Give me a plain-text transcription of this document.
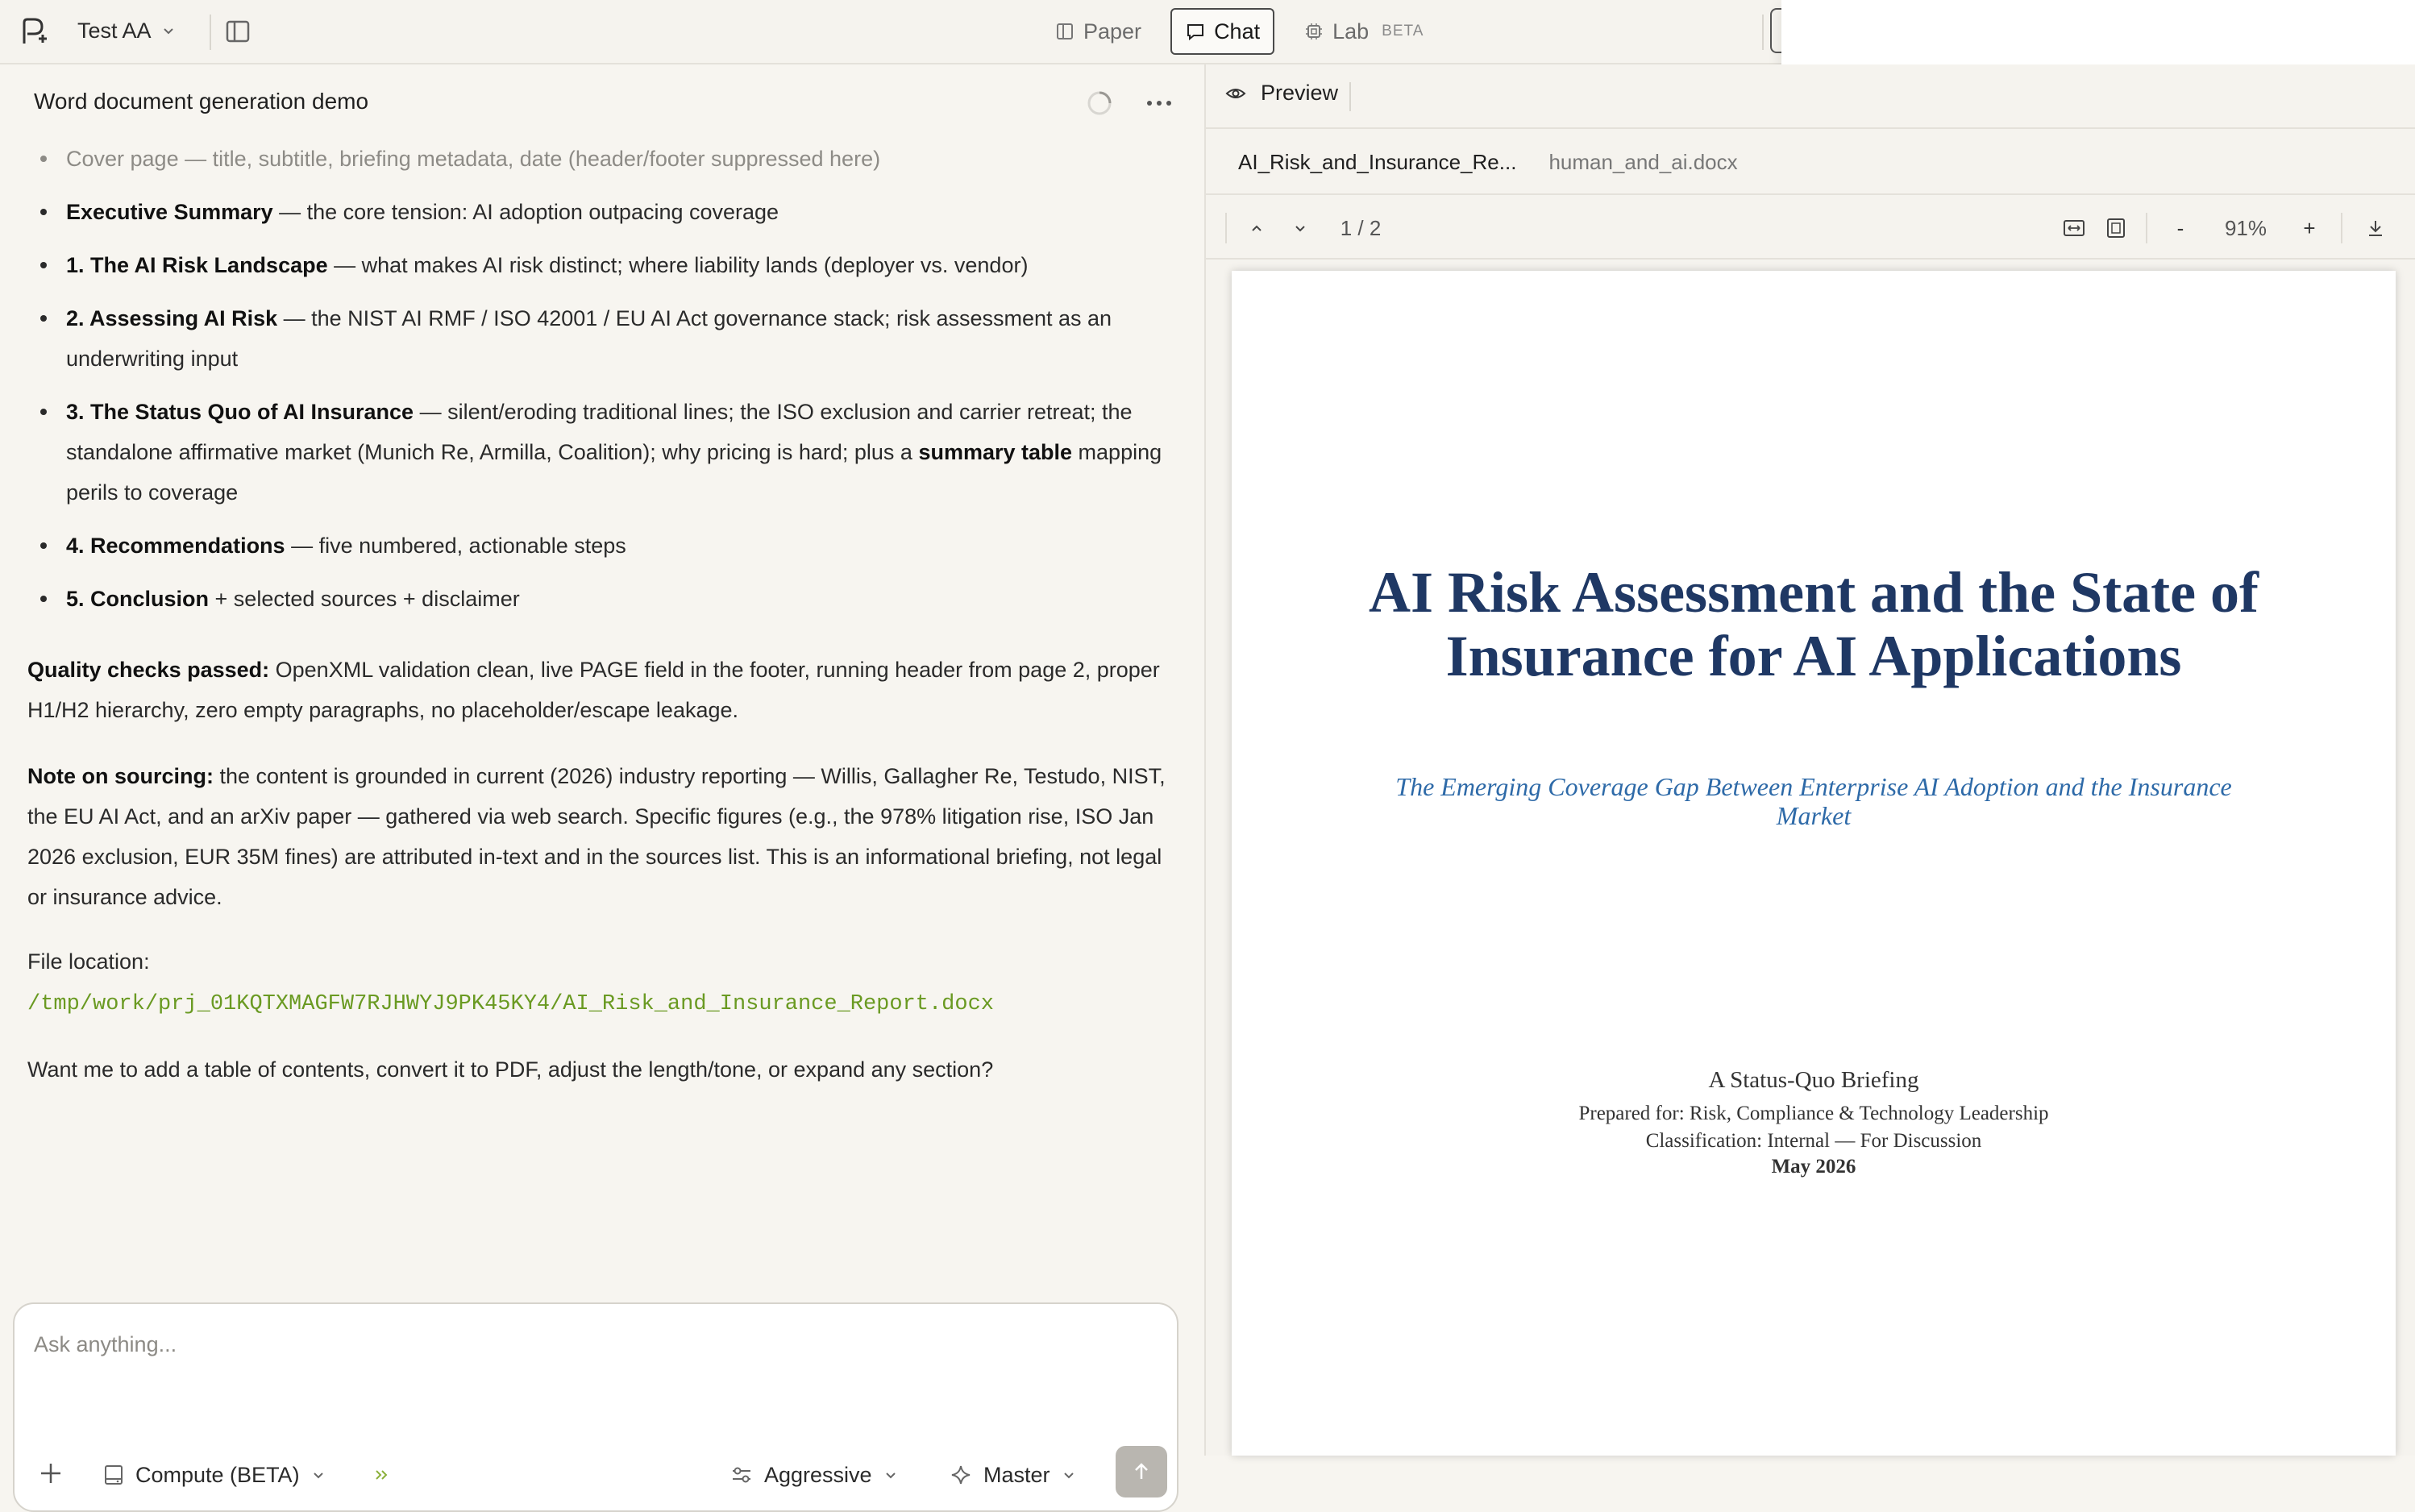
Test AA	Paper	Chat	Lab BETA
Word document generation demo
Cover page — title, subtitle, briefing metadata, date (header/footer suppressed here)
Executive Summary — the core tension: AI adoption outpacing coverage
1. The AI Risk Landscape — what makes AI risk distinct; where liability lands (deployer vs. vendor)
2. Assessing AI Risk — the NIST AI RMF / ISO 42001 / EU AI Act governance stack; risk assessment as an underwriting input
3. The Status Quo of AI Insurance — silent/eroding traditional lines; the ISO exclusion and carrier retreat; the standalone affirmative market (Munich Re, Armilla, Coalition); why pricing is hard; plus a summary table mapping perils to coverage
4. Recommendations — five numbered, actionable steps
5. Conclusion + selected sources + disclaimer

Quality checks passed: OpenXML validation clean, live PAGE field in the footer, running header from page 2, proper H1/H2 hierarchy, zero empty paragraphs, no placeholder/escape leakage.

Note on sourcing: the content is grounded in current (2026) industry reporting — Willis, Gallagher Re, Testudo, NIST, the EU AI Act, and an arXiv paper — gathered via web search. Specific figures (e.g., the 978% litigation rise, ISO Jan 2026 exclusion, EUR 35M fines) are attributed in-text and in the sources list. This is an informational briefing, not legal or insurance advice.

File location:

/tmp/work/prj_01KQTXMAGFW7RJHWYJ9PK45KY4/AI_Risk_and_Insurance_Report.docx

Want me to add a table of contents, convert it to PDF, adjust the length/tone, or expand any section?

Ask anything...
Compute (BETA)	Aggressive	Master
Preview
AI_Risk_and_Insurance_Re... human_and_ai.docx
1 / 2	-	91%	+
AI Risk Assessment and the State of Insurance for AI Applications
The Emerging Coverage Gap Between Enterprise AI Adoption and the Insurance Market
A Status-Quo Briefing
Prepared for: Risk, Compliance & Technology Leadership
Classification: Internal — For Discussion
May 2026
